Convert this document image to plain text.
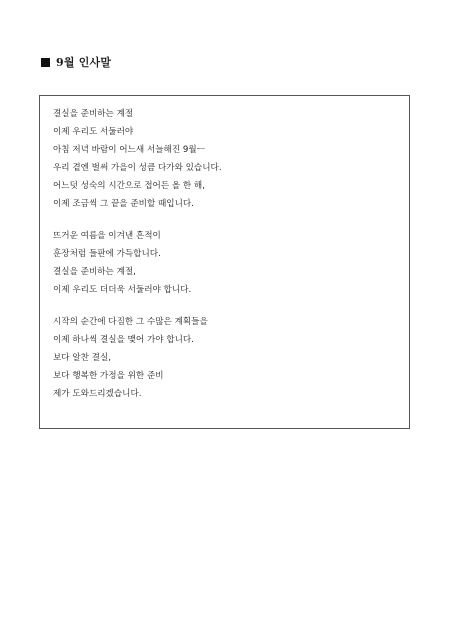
9월 인사말
결실을 준비하는 계절
이제 우리도 서둘러야
아침 저녁 바람이 어느새 서늘해진 9월ㅡ
우리 곁엔 벌써 가을이 성큼 다가와 있습니다.
어느덧 성숙의 시간으로 접어든 올 한 해,
이제 조금씩 그 끝을 준비할 때입니다.
뜨거운 여름을 이겨낸 흔적이
훈장처럼 들판에 가득합니다.
결실을 준비하는 계절,
이제 우리도 더더욱 서둘러야 합니다.
시작의 순간에 다짐한 그 수많은 계획들을
이제 하나씩 결실을 맺어 가야 합니다.
보다 알찬 결실,
보다 행복한 가정을 위한 준비
제가 도와드리겠습니다.
